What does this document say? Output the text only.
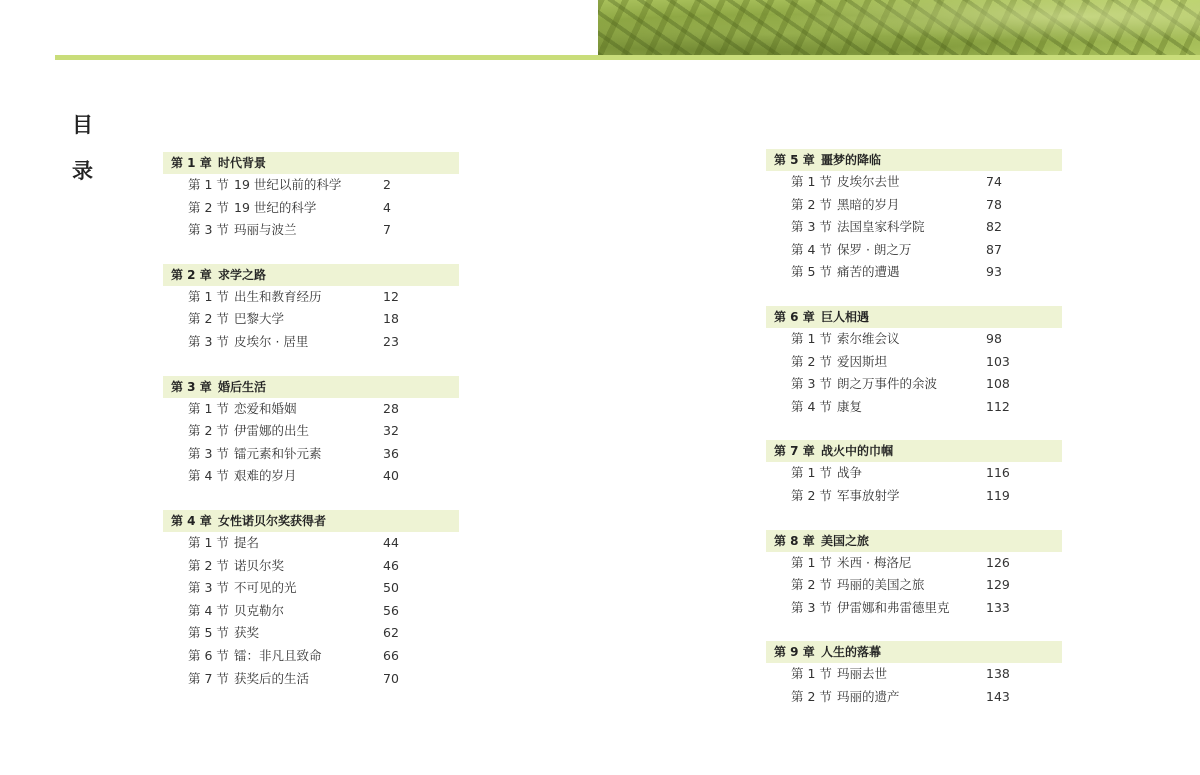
目
录	第 1 章 时代背景
第 1 节 19 世纪以前的科学	2
第 2 节 19 世纪的科学	4
第 3 节 玛丽与波兰	7
第 2 章 求学之路
第 1 节 出生和教育经历	12
第 2 节 巴黎大学	18
第 3 节 皮埃尔 · 居里	23
第 3 章 婚后生活
第 1 节 恋爱和婚姻	28
第 2 节 伊雷娜的出生	32
第 3 节 镭元素和钋元素	36
第 4 节 艰难的岁月	40
第 4 章 女性诺贝尔奖获得者
第 1 节 提名	44
第 2 节 诺贝尔奖	46
第 3 节 不可见的光	50
第 4 节 贝克勒尔	56
第 5 节 获奖	62
第 6 节 镭：非凡且致命	66
第 7 节 获奖后的生活	70
第 5 章 噩梦的降临
第 1 节 皮埃尔去世	74
第 2 节 黑暗的岁月	78
第 3 节 法国皇家科学院	82
第 4 节 保罗 · 朗之万	87
第 5 节 痛苦的遭遇	93
第 6 章 巨人相遇
第 1 节 索尔维会议	98
第 2 节 爱因斯坦	103
第 3 节 朗之万事件的余波	108
第 4 节 康复	112
第 7 章 战火中的巾帼
第 1 节 战争	116
第 2 节 军事放射学	119
第 8 章 美国之旅
第 1 节 米西 · 梅洛尼	126
第 2 节 玛丽的美国之旅	129
第 3 节 伊雷娜和弗雷德里克	133
第 9 章 人生的落幕
第 1 节 玛丽去世	138
第 2 节 玛丽的遗产	143
